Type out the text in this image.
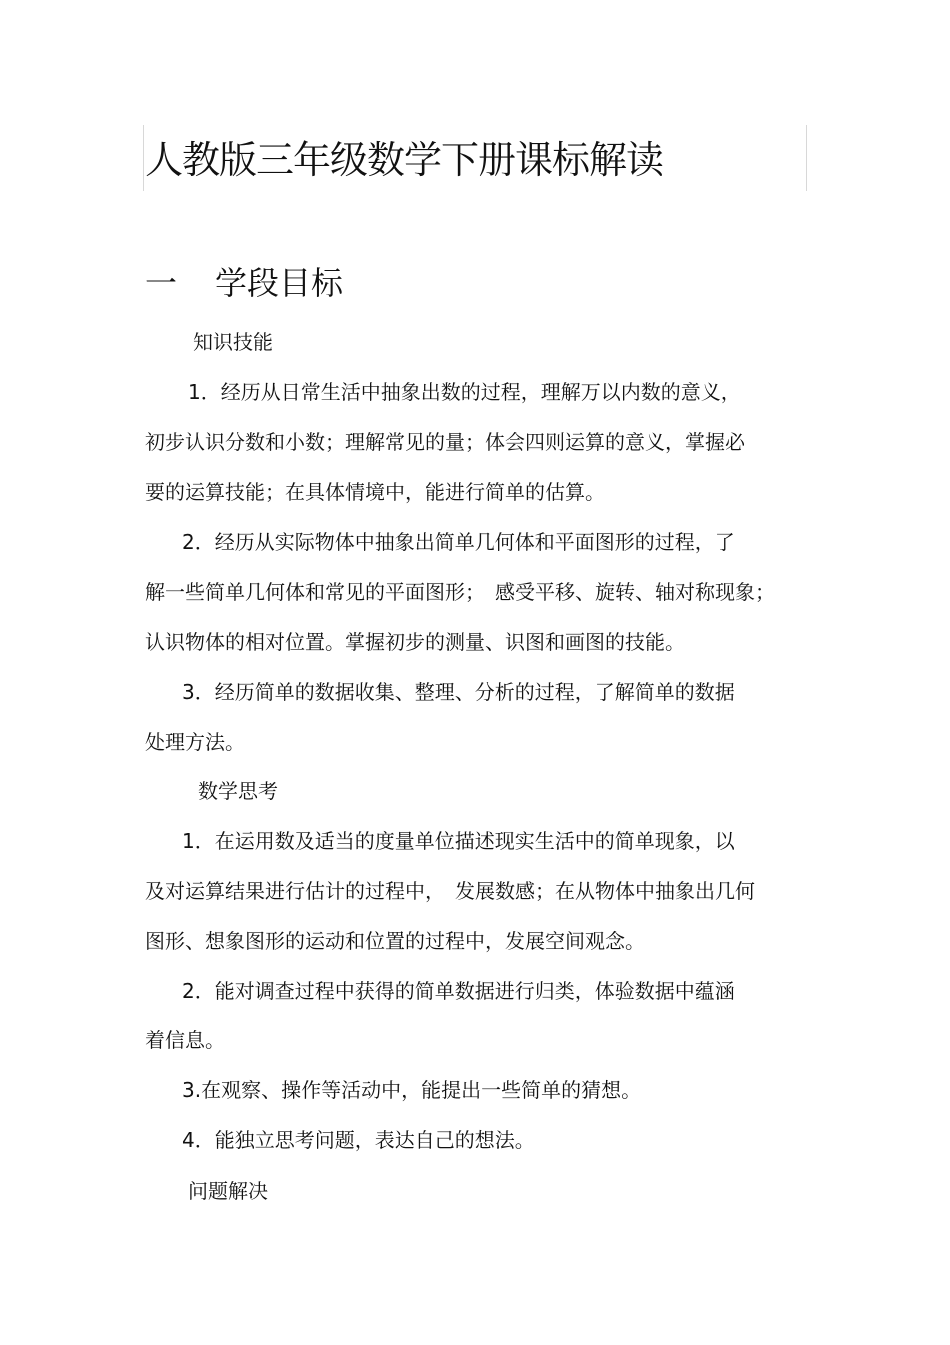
人教版三年级数学下册课标解读
一 学段目标
知识技能
1．经历从日常生活中抽象出数的过程，理解万以内数的意义，
初步认识分数和小数；理解常见的量；体会四则运算的意义，掌握必
要的运算技能；在具体情境中，能进行简单的估算。
2．经历从实际物体中抽象出简单几何体和平面图形的过程，了
解一些简单几何体和常见的平面图形；　感受平移、旋转、轴对称现象；
认识物体的相对位置。掌握初步的测量、识图和画图的技能。
3．经历简单的数据收集、整理、分析的过程，了解简单的数据
处理方法。
数学思考
1．在运用数及适当的度量单位描述现实生活中的简单现象，以
及对运算结果进行估计的过程中，　发展数感；在从物体中抽象出几何
图形、想象图形的运动和位置的过程中，发展空间观念。
2．能对调查过程中获得的简单数据进行归类，体验数据中蕴涵
着信息。
3.在观察、操作等活动中，能提出一些简单的猜想。
4．能独立思考问题，表达自己的想法。
问题解决
